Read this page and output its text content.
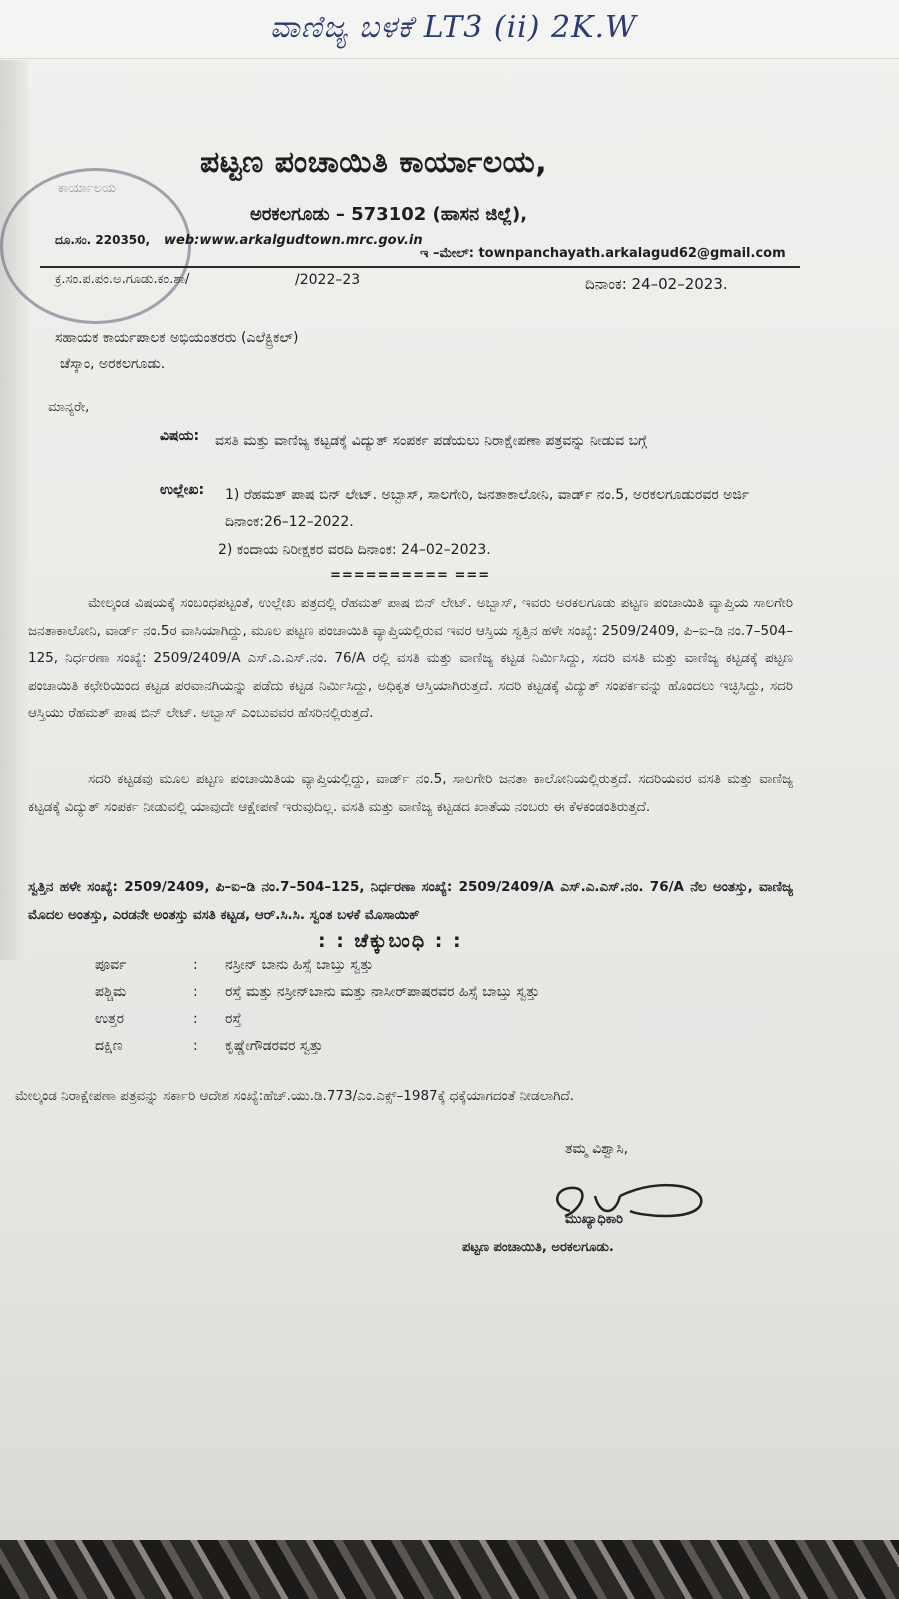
ವಾಣಿಜ್ಯ ಬಳಕೆ LT3 (ii) 2K.W
ಕಾರ್ಯಾಲಯ
ಪಟ್ಟಣ ಪಂಚಾಯಿತಿ ಕಾರ್ಯಾಲಯ,
ಅರಕಲಗೂಡು – 573102 (ಹಾಸನ ಜಿಲ್ಲೆ),
ದೂ.ಸಂ. 220350, web:www.arkalgudtown.mrc.gov.in
ಇ –ಮೇಲ್: townpanchayath.arkalagud62@gmail.com
ಕ್ರ.ಸಂ.ಪ.ಪಂ.ಅ.ಗೂಡು.ಕಂ.ಶಾ/	/2022–23	ದಿನಾಂಕ: 24–02–2023.
ಸಹಾಯಕ ಕಾರ್ಯಪಾಲಕ ಅಭಿಯಂತರರು (ಎಲೆಕ್ಟ್ರಿಕಲ್)
ಚೆಸ್ಕಾಂ, ಅರಕಲಗೂಡು.
ಮಾನ್ಯರೇ,
ವಿಷಯ: ವಸತಿ ಮತ್ತು ವಾಣಿಜ್ಯ ಕಟ್ಟಡಕ್ಕೆ ವಿದ್ಯುತ್ ಸಂಪರ್ಕ ಪಡೆಯಲು ನಿರಾಕ್ಷೇಪಣಾ ಪತ್ರವನ್ನು ನೀಡುವ ಬಗ್ಗೆ
ಉಲ್ಲೇಖ: 1) ರೆಹಮತ್ ಪಾಷ ಬಿನ್ ಲೇಟ್. ಅಬ್ಬಾಸ್, ಸಾಲಗೇರಿ, ಜನತಾಕಾಲೋನಿ, ವಾರ್ಡ್ ನಂ.5, ಅರಕಲಗೂಡುರವರ ಅರ್ಜಿ ದಿನಾಂಕ:26–12–2022.
2) ಕಂದಾಯ ನಿರೀಕ್ಷಕರ ವರದಿ ದಿನಾಂಕ: 24–02–2023.
========== ===
ಮೇಲ್ಕಂಡ ವಿಷಯಕ್ಕೆ ಸಂಬಂಧಪಟ್ಟಂತೆ, ಉಲ್ಲೇಖ ಪತ್ರದಲ್ಲಿ ರೆಹಮತ್ ಪಾಷ ಬಿನ್ ಲೇಟ್. ಅಬ್ಬಾಸ್, ಇವರು ಅರಕಲಗೂಡು ಪಟ್ಟಣ ಪಂಚಾಯಿತಿ ವ್ಯಾಪ್ತಿಯ ಸಾಲಗೇರಿ ಜನತಾಕಾಲೋನಿ, ವಾರ್ಡ್ ನಂ.5ರ ವಾಸಿಯಾಗಿದ್ದು, ಮೂಲ ಪಟ್ಟಣ ಪಂಚಾಯಿತಿ ವ್ಯಾಪ್ತಿಯಲ್ಲಿರುವ ಇವರ ಆಸ್ತಿಯ ಸ್ವತ್ತಿನ ಹಳೇ ಸಂಖ್ಯೆ: 2509/2409, ಪಿ–ಐ–ಡಿ ನಂ.7–504–125, ನಿರ್ಧರಣಾ ಸಂಖ್ಯೆ: 2509/2409/A ಎಸ್.ಎ.ಎಸ್.ನಂ. 76/A ರಲ್ಲಿ ವಸತಿ ಮತ್ತು ವಾಣಿಜ್ಯ ಕಟ್ಟಡ ನಿರ್ಮಿಸಿದ್ದು, ಸದರಿ ವಸತಿ ಮತ್ತು ವಾಣಿಜ್ಯ ಕಟ್ಟಡಕ್ಕೆ ಪಟ್ಟಣ ಪಂಚಾಯಿತಿ ಕಛೇರಿಯಿಂದ ಕಟ್ಟಡ ಪರವಾನಗಿಯನ್ನು ಪಡೆದು ಕಟ್ಟಡ ನಿರ್ಮಿಸಿದ್ದು, ಅಧಿಕೃತ ಆಸ್ತಿಯಾಗಿರುತ್ತದೆ. ಸದರಿ ಕಟ್ಟಡಕ್ಕೆ ವಿದ್ಯುತ್ ಸಂಪರ್ಕವನ್ನು ಹೊಂದಲು ಇಚ್ಛಿಸಿದ್ದು, ಸದರಿ ಆಸ್ತಿಯು ರೆಹಮತ್ ಪಾಷ ಬಿನ್ ಲೇಟ್. ಅಬ್ಬಾಸ್ ಎಂಬುವವರ ಹೆಸರಿನಲ್ಲಿರುತ್ತದೆ.
ಸದರಿ ಕಟ್ಟಡವು ಮೂಲ ಪಟ್ಟಣ ಪಂಚಾಯಿತಿಯ ವ್ಯಾಪ್ತಿಯಲ್ಲಿದ್ದು, ವಾರ್ಡ್ ನಂ.5, ಸಾಲಗೇರಿ ಜನತಾ ಕಾಲೋನಿಯಲ್ಲಿರುತ್ತದೆ. ಸದರಿಯವರ ವಸತಿ ಮತ್ತು ವಾಣಿಜ್ಯ ಕಟ್ಟಡಕ್ಕೆ ವಿದ್ಯುತ್ ಸಂಪರ್ಕ ನೀಡುವಲ್ಲಿ ಯಾವುದೇ ಆಕ್ಷೇಪಣೆ ಇರುವುದಿಲ್ಲ. ವಸತಿ ಮತ್ತು ವಾಣಿಜ್ಯ ಕಟ್ಟಡದ ಖಾತೆಯ ನಂಬರು ಈ ಕೆಳಕಂಡಂತಿರುತ್ತದೆ.
ಸ್ವತ್ತಿನ ಹಳೇ ಸಂಖ್ಯೆ: 2509/2409, ಪಿ–ಐ–ಡಿ ನಂ.7–504–125, ನಿರ್ಧರಣಾ ಸಂಖ್ಯೆ: 2509/2409/A ಎಸ್.ಎ.ಎಸ್.ನಂ. 76/A ನೆಲ ಅಂತಸ್ತು, ವಾಣಿಜ್ಯ ಮೊದಲ ಅಂತಸ್ತು, ಎರಡನೇ ಅಂತಸ್ತು ವಸತಿ ಕಟ್ಟಡ, ಆರ್.ಸಿ.ಸಿ. ಸ್ವಂತ ಬಳಕೆ ಮೊಸಾಯಿಕ್
: : ಚೆಕ್ಕುಬಂಧಿ : :
ಪೂರ್ವ	: ನಸ್ರೀನ್ ಬಾನು ಹಿಸ್ಸೆ ಬಾಬ್ತು ಸ್ವತ್ತು
ಪಶ್ಚಿಮ	: ರಸ್ತೆ ಮತ್ತು ನಸ್ರೀನ್‌ಬಾನು ಮತ್ತು ನಾಸೀರ್‌ಪಾಷರವರ ಹಿಸ್ಸೆ ಬಾಬ್ತು ಸ್ವತ್ತು
ಉತ್ತರ	: ರಸ್ತೆ
ದಕ್ಷಿಣ	: ಕೃಷ್ಣೇಗೌಡರವರ ಸ್ವತ್ತು
ಮೇಲ್ಕಂಡ ನಿರಾಕ್ಷೇಪಣಾ ಪತ್ರವನ್ನು ಸರ್ಕಾರಿ ಆದೇಶ ಸಂಖ್ಯೆ:ಹೆಚ್.ಯು.ಡಿ.773/ಎಂ.ಎಕ್ಸ್–1987ಕ್ಕೆ ಧಕ್ಕೆಯಾಗದಂತೆ ನೀಡಲಾಗಿದೆ.
ತಮ್ಮ ವಿಶ್ವಾಸಿ,
ಮುಖ್ಯಾಧಿಕಾರಿ
ಪಟ್ಟಣ ಪಂಚಾಯಿತಿ, ಅರಕಲಗೂಡು.
